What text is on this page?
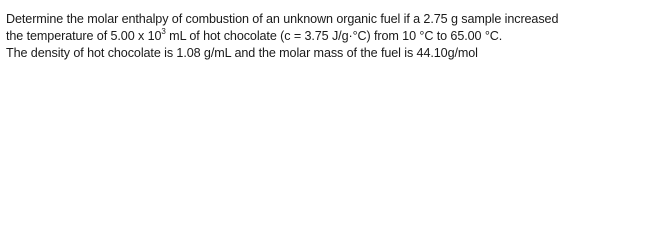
Determine the molar enthalpy of combustion of an unknown organic fuel if a 2.75 g sample increased
the temperature of 5.00 x $10^3$ mL of hot chocolate (c = 3.75 J/g·°C) from 10 °C to 65.00 °C.
The density of hot chocolate is 1.08 g/mL and the molar mass of the fuel is 44.10g/mol
